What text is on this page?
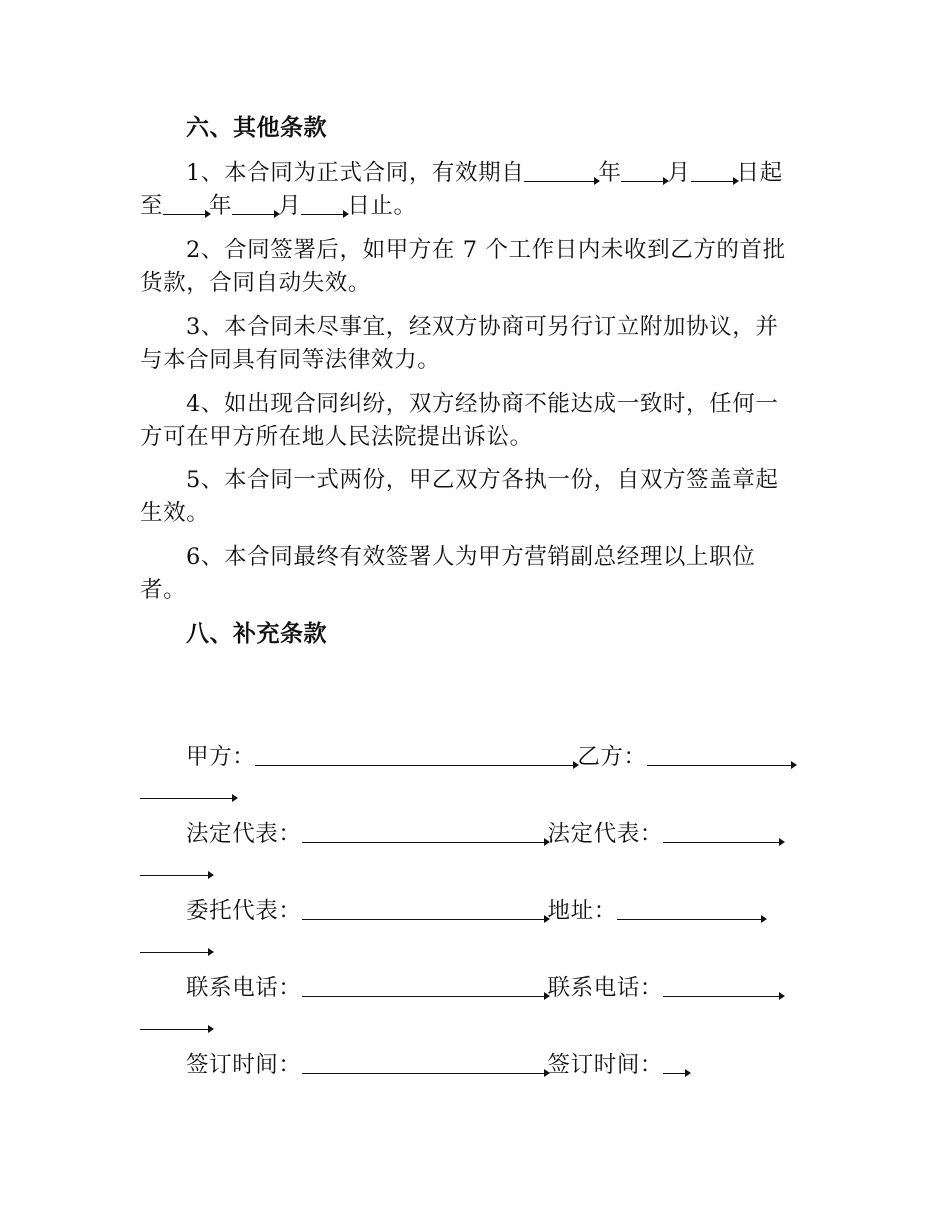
六、其他条款

1、本合同为正式合同，有效期自	年 月 日起至 年 月 日止。

2、合同签署后，如甲方在 7 个工作日内未收到乙方的首批货款，合同自动失效。

3、本合同未尽事宜，经双方协商可另行订立附加协议，并与本合同具有同等法律效力。

4、如出现合同纠纷，双方经协商不能达成一致时，任何一方可在甲方所在地人民法院提出诉讼。

5、本合同一式两份，甲乙双方各执一份，自双方签盖章起生效。

6、本合同最终有效签署人为甲方营销副总经理以上职位者。

八、补充条款

甲方：	乙方：

法定代表：	法定代表：

委托代表：	地址：

联系电话：	联系电话：

签订时间：	签订时间：
